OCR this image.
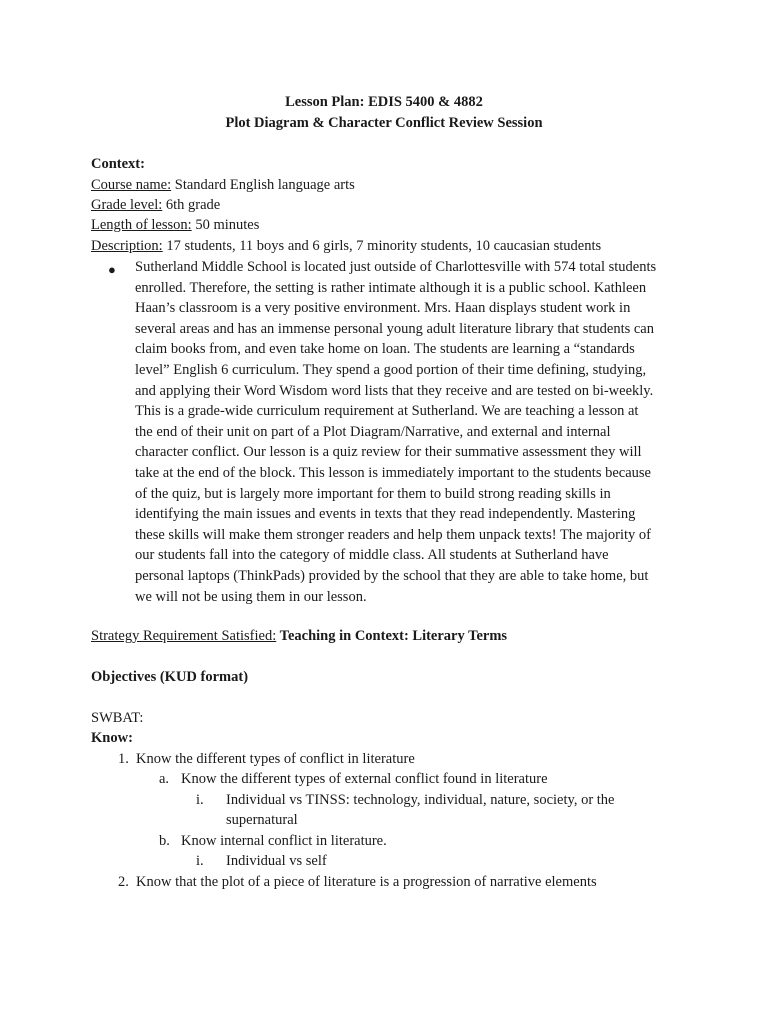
Lesson Plan: EDIS 5400 & 4882
Plot Diagram & Character Conflict Review Session
Context:
Course name: Standard English language arts
Grade level: 6th grade
Length of lesson: 50 minutes
Description: 17 students, 11 boys and 6 girls, 7 minority students, 10 caucasian students
● Sutherland Middle School is located just outside of Charlottesville with 574 total students
enrolled. Therefore, the setting is rather intimate although it is a public school. Kathleen
Haan’s classroom is a very positive environment. Mrs. Haan displays student work in
several areas and has an immense personal young adult literature library that students can
claim books from, and even take home on loan. The students are learning a “standards
level” English 6 curriculum. They spend a good portion of their time defining, studying,
and applying their Word Wisdom word lists that they receive and are tested on bi-weekly.
This is a grade-wide curriculum requirement at Sutherland. We are teaching a lesson at
the end of their unit on part of a Plot Diagram/Narrative, and external and internal
character conflict. Our lesson is a quiz review for their summative assessment they will
take at the end of the block. This lesson is immediately important to the students because
of the quiz, but is largely more important for them to build strong reading skills in
identifying the main issues and events in texts that they read independently. Mastering
these skills will make them stronger readers and help them unpack texts! The majority of
our students fall into the category of middle class. All students at Sutherland have
personal laptops (ThinkPads) provided by the school that they are able to take home, but
we will not be using them in our lesson.
Strategy Requirement Satisfied: Teaching in Context: Literary Terms
Objectives (KUD format)
SWBAT:
Know:
1. Know the different types of conflict in literature
a. Know the different types of external conflict found in literature
i. Individual vs TINSS: technology, individual, nature, society, or the
supernatural
b. Know internal conflict in literature.
i. Individual vs self
2. Know that the plot of a piece of literature is a progression of narrative elements
